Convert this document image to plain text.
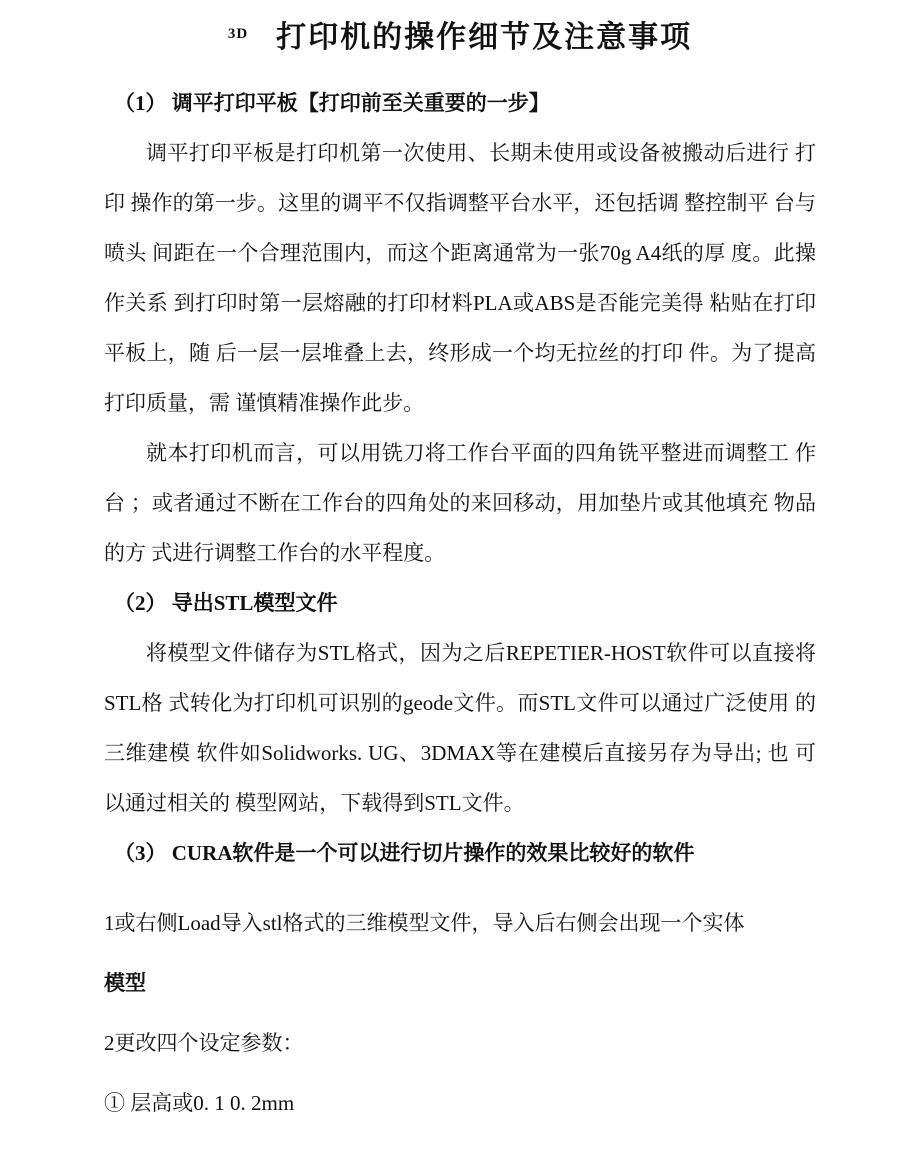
3D 打印机的操作细节及注意事项
（1） 调平打印平板【打印前至关重要的一步】
调平打印平板是打印机第一次使用、长期未使用或设备被搬动后进行 打印 操作的第一步。这里的调平不仅指调整平台水平，还包括调 整控制平 台与喷头 间距在一个合理范围内，而这个距离通常为一张70g A4纸的厚 度。此操作关系 到打印时第一层熔融的打印材料PLA或ABS是否能完美得 粘贴在打印平板上，随 后一层一层堆叠上去，终形成一个均无拉丝的打印 件。为了提高打印质量，需 谨慎精准操作此步。
就本打印机而言，可以用铣刀将工作台平面的四角铣平整进而调整工 作台 ；或者通过不断在工作台的四角处的来回移动，用加垫片或其他填充 物品的方 式进行调整工作台的水平程度。
（2） 导出STL模型文件
将模型文件储存为STL格式，因为之后REPETIER-HOST软件可以直接将 STL格 式转化为打印机可识别的geode文件。而STL文件可以通过广泛使用 的三维建模 软件如Solidworks. UG、3DMAX等在建模后直接另存为导出; 也 可以通过相关的 模型网站，下载得到STL文件。
（3） CURA软件是一个可以进行切片操作的效果比较好的软件
1或右侧Load导入stl格式的三维模型文件，导入后右侧会出现一个实体
模型
2更改四个设定参数：
① 层高或0. 1 0. 2mm
